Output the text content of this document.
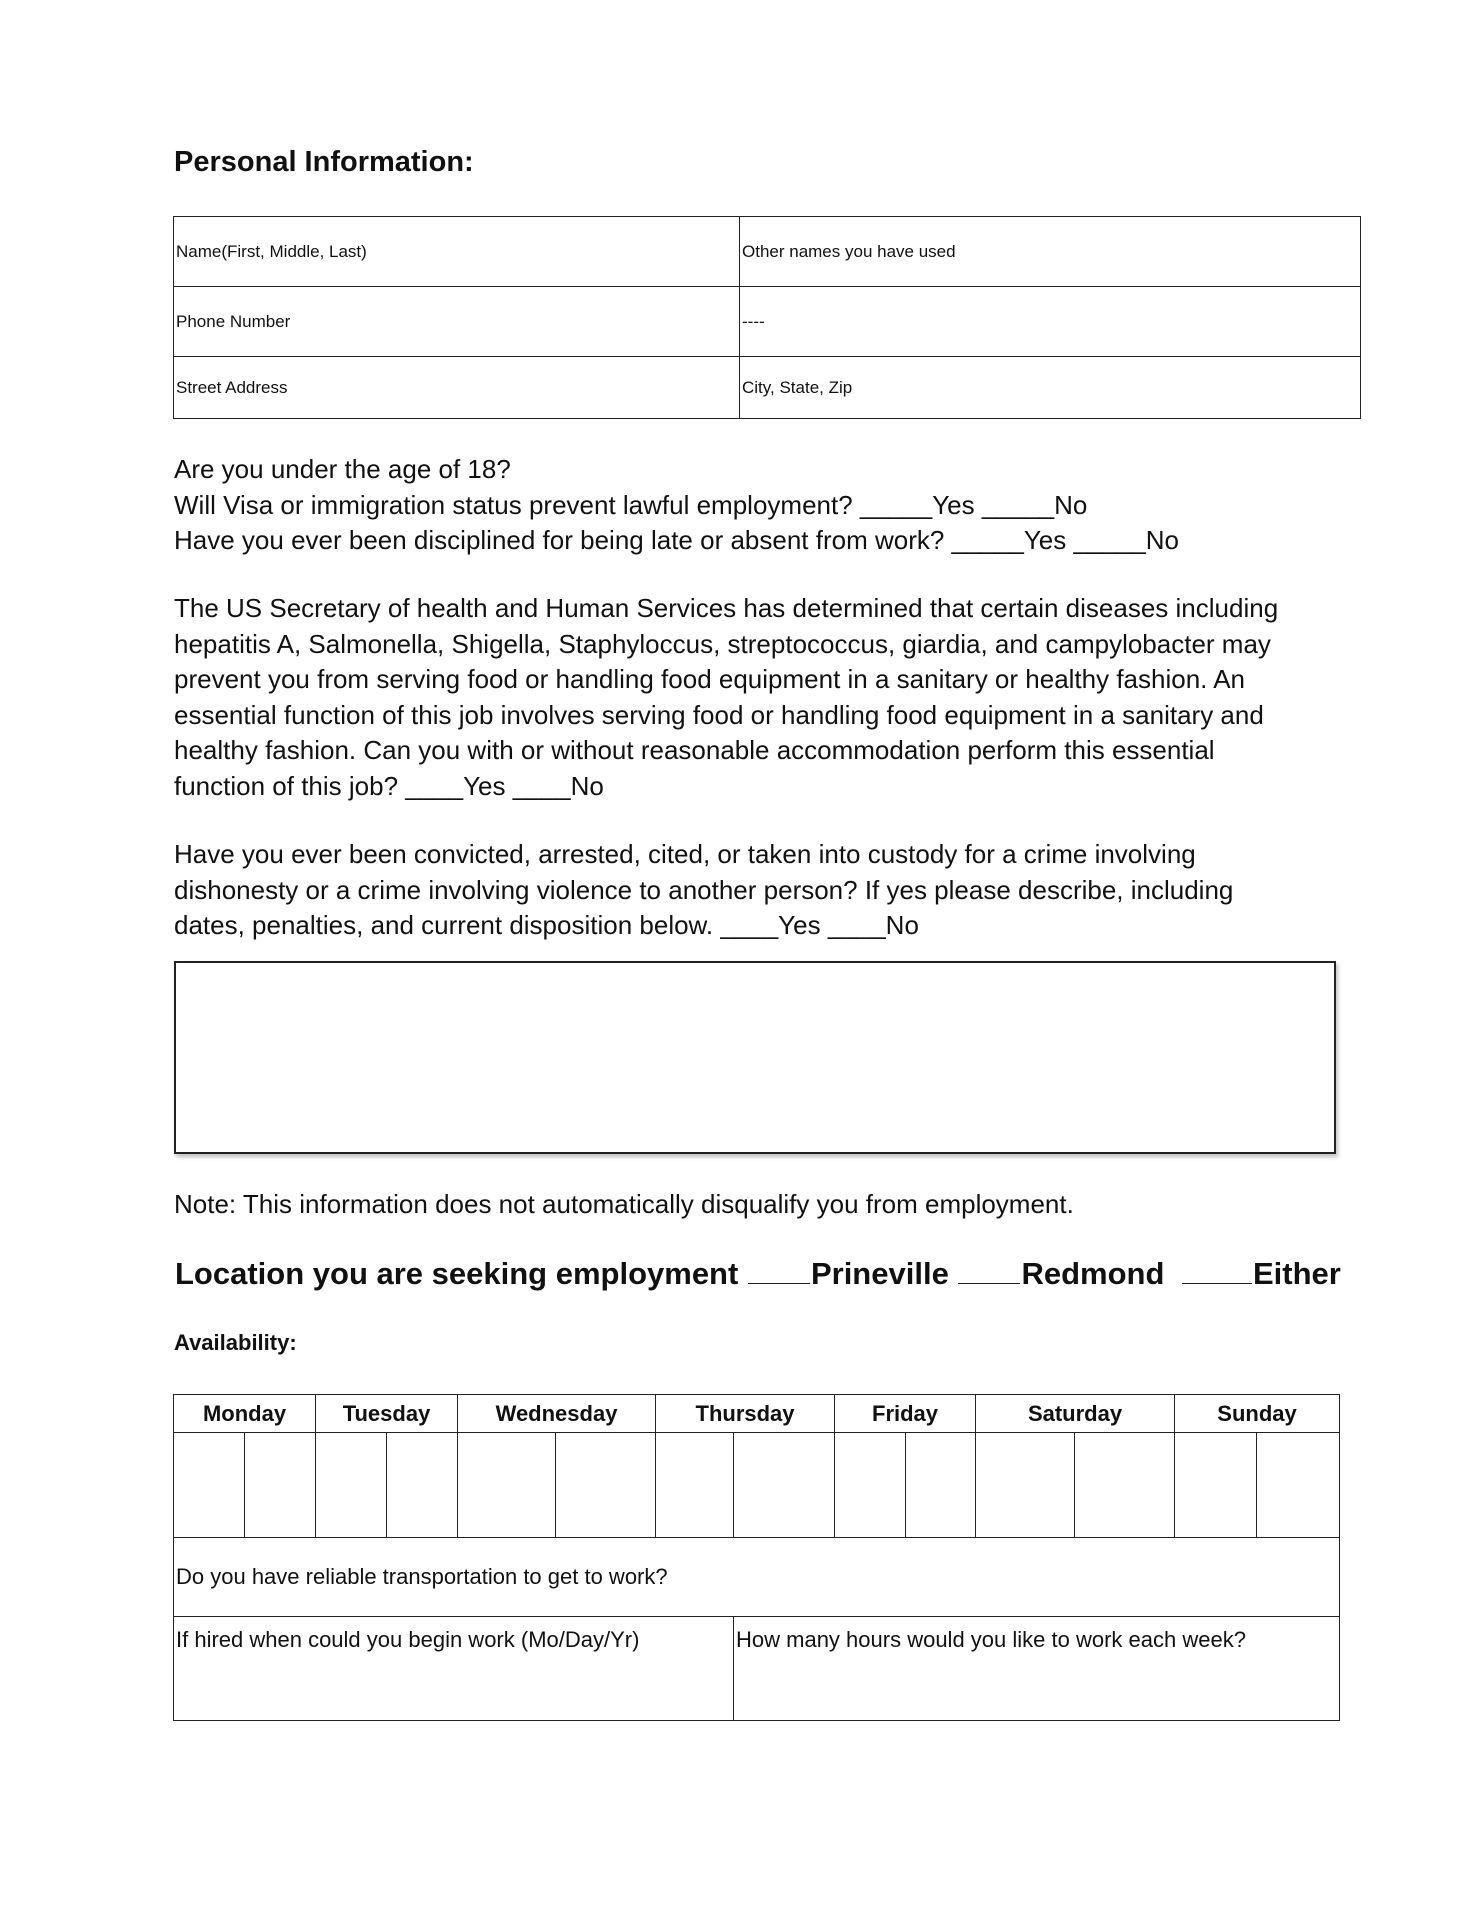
Personal Information:
Name(First, Middle, Last)	Other names you have used
Phone Number	----
Street Address	City, State, Zip
Are you under the age of 18?
Will Visa or immigration status prevent lawful employment? _____Yes _____No
Have you ever been disciplined for being late or absent from work? _____Yes _____No
The US Secretary of health and Human Services has determined that certain diseases including
hepatitis A, Salmonella, Shigella, Staphyloccus, streptococcus, giardia, and campylobacter may
prevent you from serving food or handling food equipment in a sanitary or healthy fashion. An
essential function of this job involves serving food or handling food equipment in a sanitary and
healthy fashion. Can you with or without reasonable accommodation perform this essential
function of this job? ____Yes ____No
Have you ever been convicted, arrested, cited, or taken into custody for a crime involving
dishonesty or a crime involving violence to another person? If yes please describe, including
dates, penalties, and current disposition below. ____Yes ____No
Note: This information does not automatically disqualify you from employment.
Location you are seeking employment Prineville Redmond	Either
Availability:
Monday		Tuesday		Wednesday		Thursday		Friday		Saturday		Sunday	

Do you have reliable transportation to get to work?													
If hired when could you begin work (Mo/Day/Yr)							How many hours would you like to work each week?						
